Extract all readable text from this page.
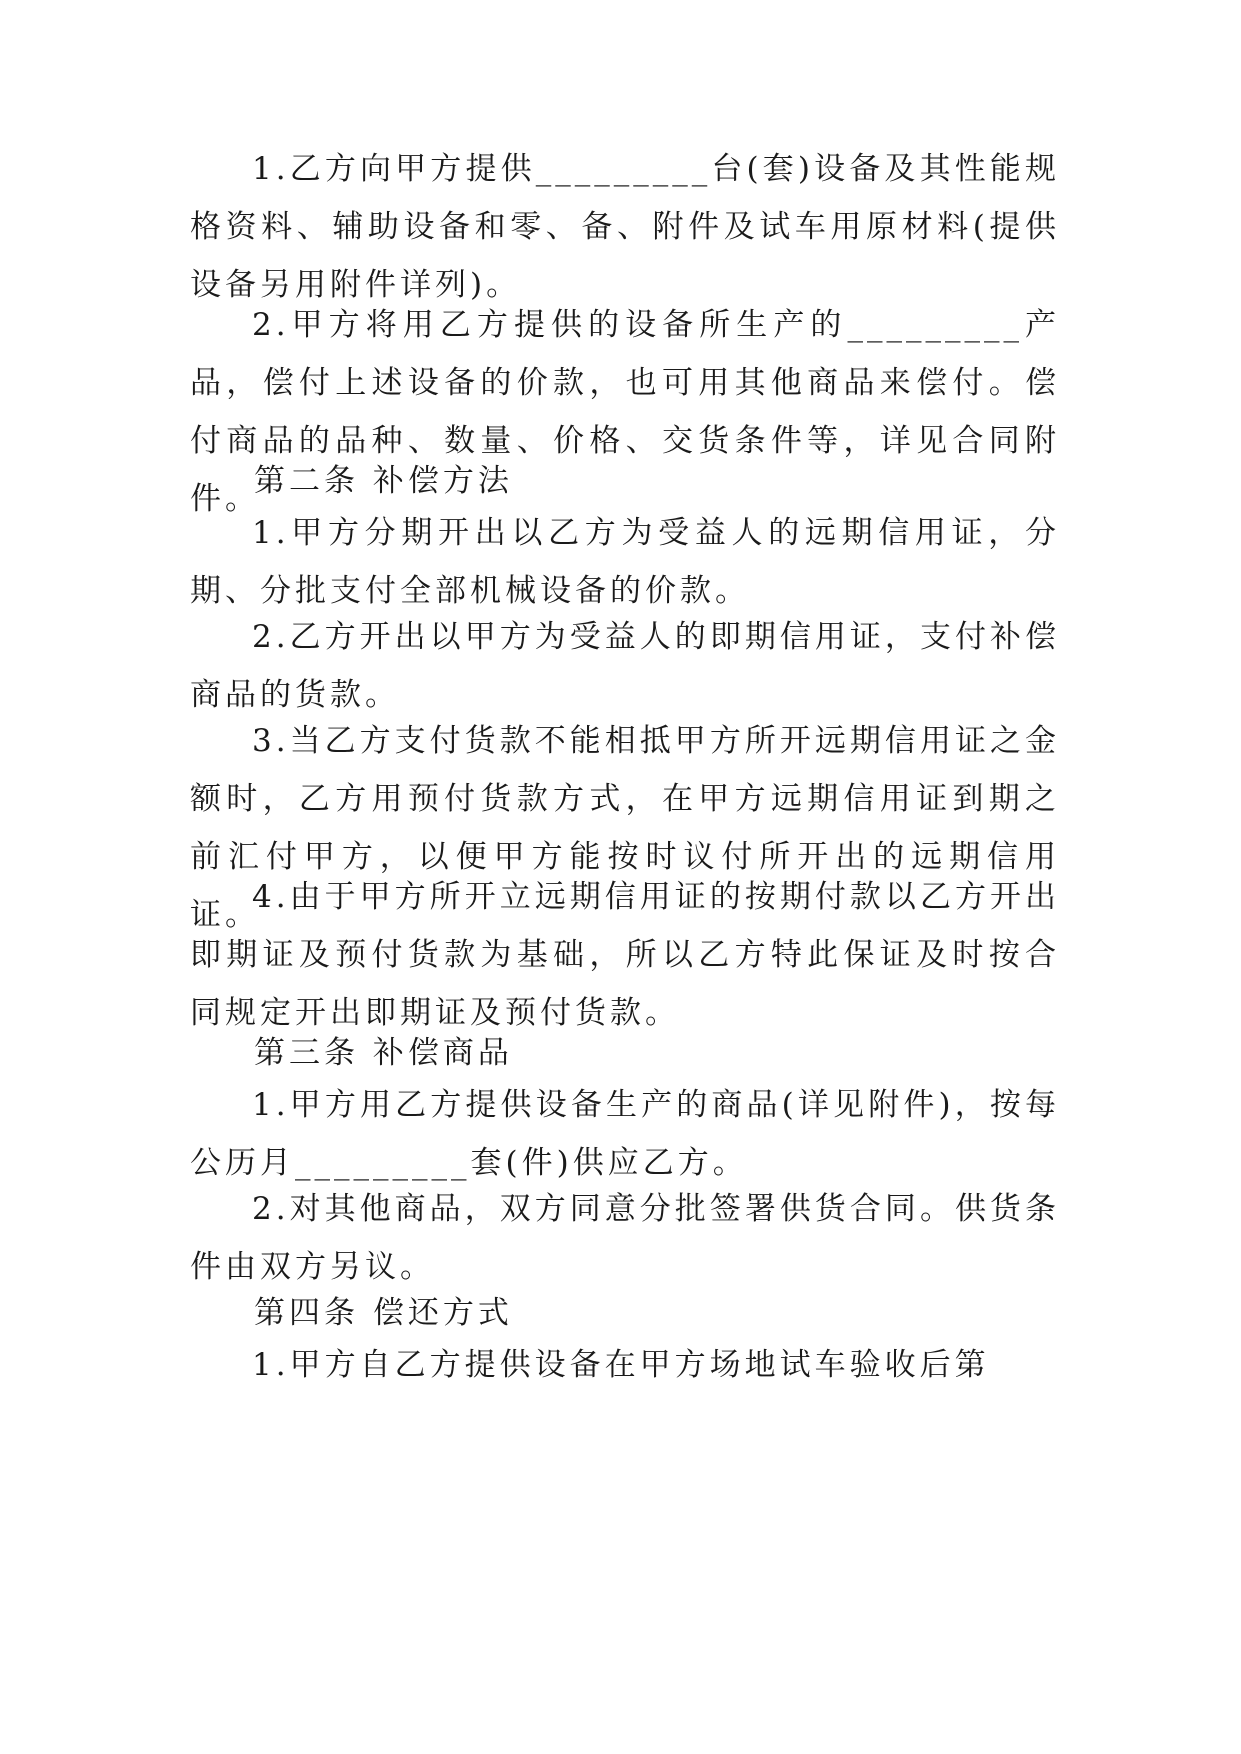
1.乙方向甲方提供_________台(套)设备及其性能规格资料、辅助设备和零、备、附件及试车用原材料(提供设备另用附件详列)。

2.甲方将用乙方提供的设备所生产的_________产品，偿付上述设备的价款，也可用其他商品来偿付。偿付商品的品种、数量、价格、交货条件等，详见合同附件。

第二条 补偿方法

1.甲方分期开出以乙方为受益人的远期信用证，分期、分批支付全部机械设备的价款。

2.乙方开出以甲方为受益人的即期信用证，支付补偿商品的货款。

3.当乙方支付货款不能相抵甲方所开远期信用证之金额时，乙方用预付货款方式，在甲方远期信用证到期之前汇付甲方，以便甲方能按时议付所开出的远期信用证。

4.由于甲方所开立远期信用证的按期付款以乙方开出即期证及预付货款为基础，所以乙方特此保证及时按合同规定开出即期证及预付货款。

第三条 补偿商品

1.甲方用乙方提供设备生产的商品(详见附件)，按每公历月_________套(件)供应乙方。

2.对其他商品，双方同意分批签署供货合同。供货条件由双方另议。

第四条 偿还方式

1.甲方自乙方提供设备在甲方场地试车验收后第
